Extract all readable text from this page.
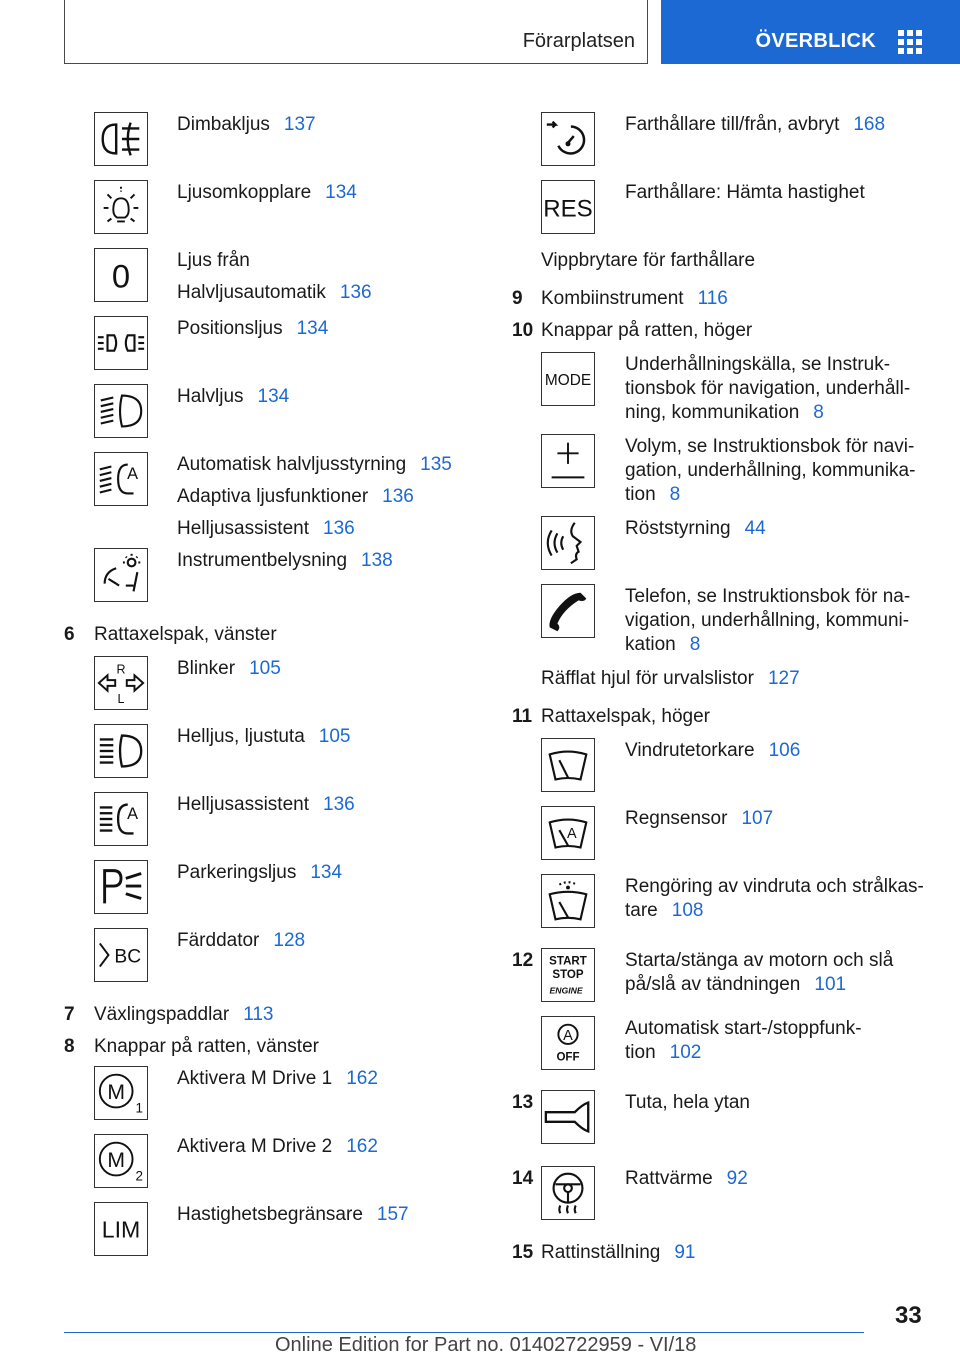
Förarplatsen	ÖVERBLICK
Dimbakljus 137
Ljusomkopplare 134
0 Ljus från
Halvljusautomatik 136
Positionsljus 134
Halvljus 134
A Automatisk halvljusstyrning 135
Adaptiva ljusfunktioner 136
Helljusassistent 136
Instrumentbelysning 138
6 Rattaxelspak, vänster
R
L
Blinker 105
Helljus, ljustuta 105
A Helljusassistent 136
Parkeringsljus 134
BC
Färddator 128
7 Växlingspaddlar 113
8 Knappar på ratten, vänster
M
1
Aktivera M Drive 1 162
M
2
Aktivera M Drive 2 162
LIM
Hastighetsbegränsare 157
Farthållare till/från, avbryt 168
RES
Farthållare: Hämta hastighet
Vippbrytare för farthållare
9 Kombiinstrument 116
10 Knappar på ratten, höger
MODE
Underhållningskälla, se Instruk-
tionsbok för navigation, underhåll-
ning, kommunikation 8
Volym, se Instruktionsbok för navi-
gation, underhållning, kommunika-
tion 8
Röststyrning 44
Telefon, se Instruktionsbok för na-
vigation, underhållning, kommuni-
kation 8
Räfflat hjul för urvalslistor 127
11 Rattaxelspak, höger
Vindrutetorkare 106
A
Regnsensor 107
Rengöring av vindruta och strålkas-
tare 108
12 START
STOP
ENGINE
Starta/stänga av motorn och slå
på/slå av tändningen 101
A
OFF
Automatisk start-/stoppfunk-
tion 102
13	Tuta, hela ytan
14	Rattvärme 92
15 Rattinställning 91
33
Online Edition for Part no. 01402722959 - VI/18
